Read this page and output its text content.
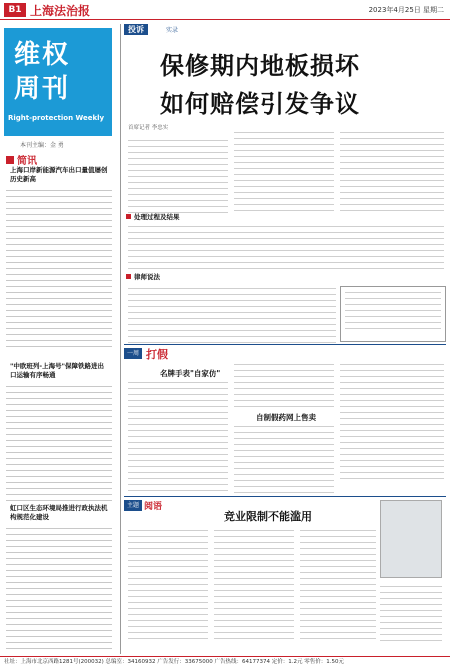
B1 上海法治报	2023年4月25日 星期二
维权
周刊
Right-protection Weekly
本刊主编：金 勇
简讯
上海口岸新能源汽车出口量值屡创历史新高
"中欧班列-上海号"保障铁路进出口运输有序畅通
虹口区生态环境局推进行政执法机构规范化建设
投诉	实录
保修期内地板损坏
如何赔偿引发争议
首席记者 李忠实
处理过程及结果
律师说法
一周 打假
名牌手表"自家仿"
自制假药网上售卖
主题 阅语
竞业限制不能滥用
社址：上海市北京西路1281号(200032) 总编室：34160932 广告发行：33675000 广告热线：64177374 定价：1.2元 零售价：1.50元
